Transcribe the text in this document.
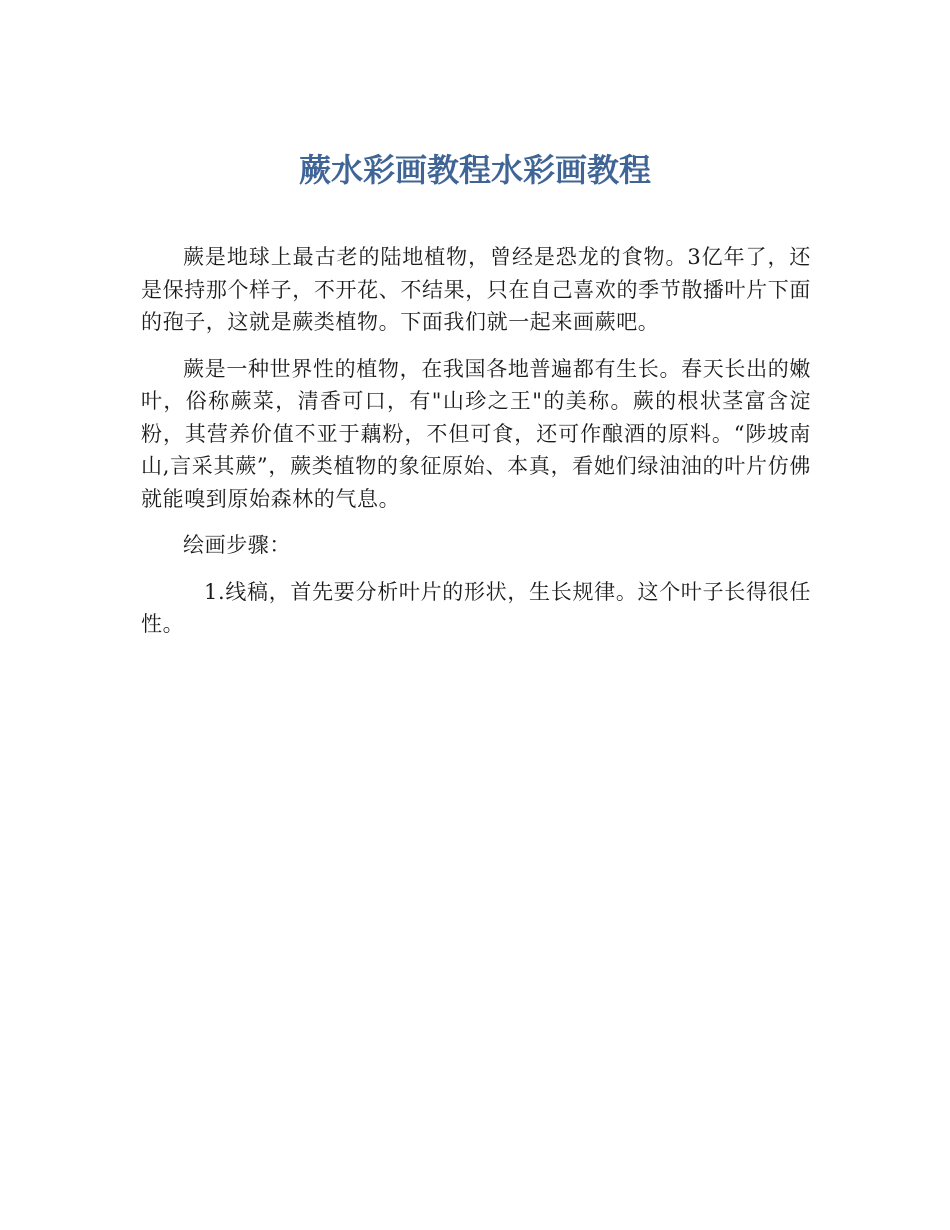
蕨水彩画教程水彩画教程

蕨是地球上最古老的陆地植物，曾经是恐龙的食物。3亿年了，还是保持那个样子，不开花、不结果，只在自己喜欢的季节散播叶片下面的孢子，这就是蕨类植物。下面我们就一起来画蕨吧。

蕨是一种世界性的植物，在我国各地普遍都有生长。春天长出的嫩叶，俗称蕨菜，清香可口，有"山珍之王"的美称。蕨的根状茎富含淀粉，其营养价值不亚于藕粉，不但可食，还可作酿酒的原料。“陟坡南山,言采其蕨”，蕨类植物的象征原始、本真，看她们绿油油的叶片仿佛就能嗅到原始森林的气息。

绘画步骤：

1.线稿，首先要分析叶片的形状，生长规律。这个叶子长得很任性。
